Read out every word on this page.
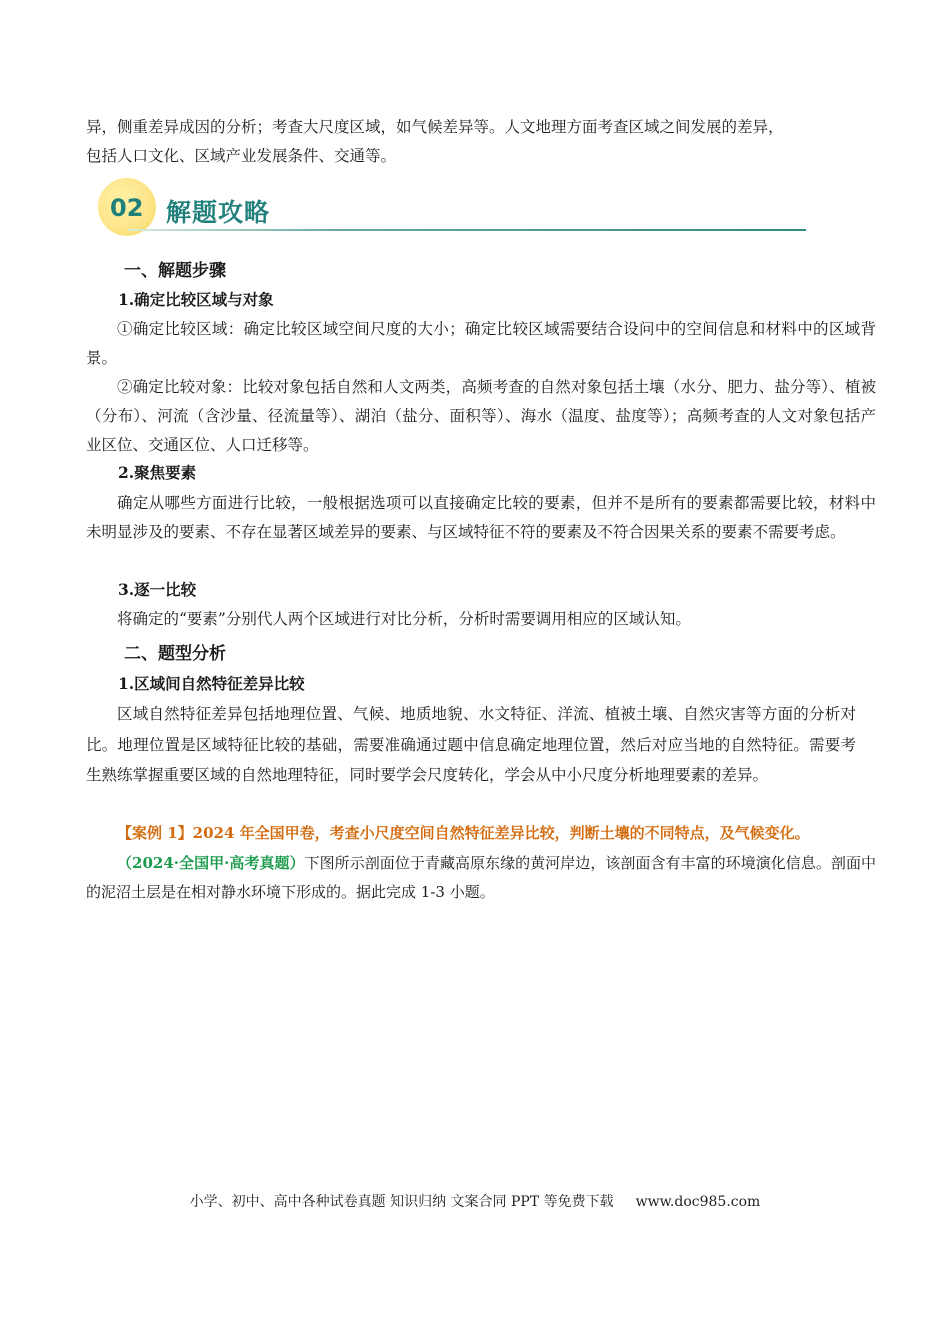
异，侧重差异成因的分析；考查大尺度区域，如气候差异等。人文地理方面考查区域之间发展的差异，
包括人口文化、区域产业发展条件、交通等。

02 解题攻略
一、解题步骤
1.确定比较区域与对象

①确定比较区域：确定比较区域空间尺度的大小；确定比较区域需要结合设问中的空间信息和材料中的区域背景。

②确定比较对象：比较对象包括自然和人文两类，高频考查的自然对象包括土壤（水分、肥力、盐分等）、植被（分布）、河流（含沙量、径流量等）、湖泊（盐分、面积等）、海水（温度、盐度等）；高频考查的人文对象包括产业区位、交通区位、人口迁移等。

2.聚焦要素

确定从哪些方面进行比较，一般根据选项可以直接确定比较的要素，但并不是所有的要素都需要比较，材料中未明显涉及的要素、不存在显著区域差异的要素、与区域特征不符的要素及不符合因果关系的要素不需要考虑。

3.逐一比较

将确定的“要素”分别代人两个区域进行对比分析，分析时需要调用相应的区域认知。

二、题型分析
1.区域间自然特征差异比较

区域自然特征差异包括地理位置、气候、地质地貌、水文特征、洋流、植被土壤、自然灾害等方面的分析对比。地理位置是区域特征比较的基础，需要准确通过题中信息确定地理位置，然后对应当地的自然特征。需要考生熟练掌握重要区域的自然地理特征，同时要学会尺度转化，学会从中小尺度分析地理要素的差异。

【案例 1】2024 年全国甲卷，考查小尺度空间自然特征差异比较，判断土壤的不同特点，及气候变化。

（2024·全国甲·高考真题）下图所示剖面位于青藏高原东缘的黄河岸边，该剖面含有丰富的环境演化信息。剖面中的泥沼土层是在相对静水环境下形成的。据此完成 1-3 小题。

小学、初中、高中各种试卷真题 知识归纳 文案合同 PPT 等免费下载 www.doc985.com
